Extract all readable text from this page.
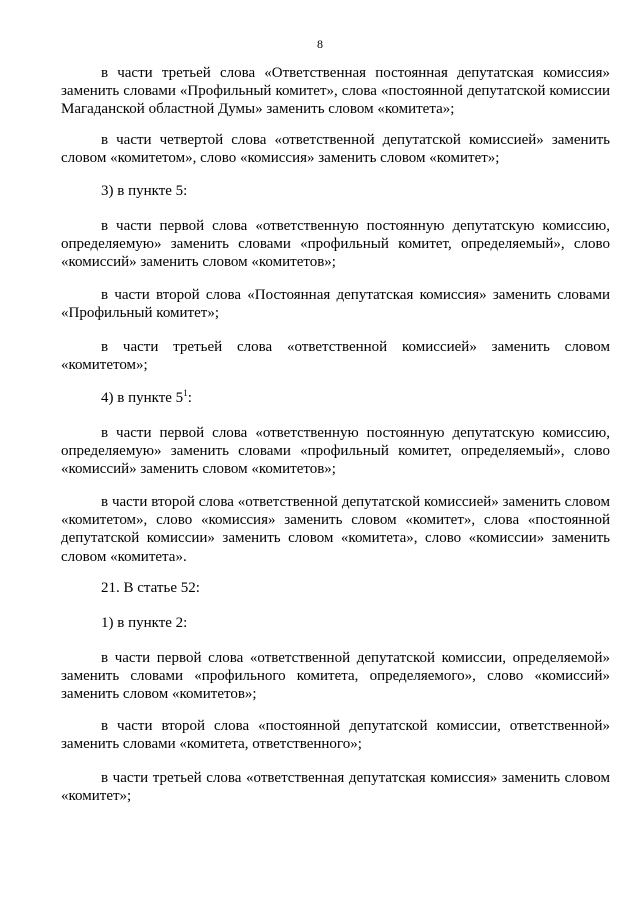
8

в части третьей слова «Ответственная постоянная депутатская комиссия» заменить словами «Профильный комитет», слова «постоянной депутатской комиссии Магаданской областной Думы» заменить словом «комитета»;

в части четвертой слова «ответственной депутатской комиссией» заменить словом «комитетом», слово «комиссия» заменить словом «комитет»;

3) в пункте 5:

в части первой слова «ответственную постоянную депутатскую комиссию, определяемую» заменить словами «профильный комитет, определяемый», слово «комиссий» заменить словом «комитетов»;

в части второй слова «Постоянная депутатская комиссия» заменить словами «Профильный комитет»;

в части третьей слова «ответственной комиссией» заменить словом «комитетом»;

4) в пункте $5^1$:

в части первой слова «ответственную постоянную депутатскую комиссию, определяемую» заменить словами «профильный комитет, определяемый», слово «комиссий» заменить словом «комитетов»;

в части второй слова «ответственной депутатской комиссией» заменить словом «комитетом», слово «комиссия» заменить словом «комитет», слова «постоянной депутатской комиссии» заменить словом «комитета», слово «комиссии» заменить словом «комитета».

21. В статье 52:

1) в пункте 2:

в части первой слова «ответственной депутатской комиссии, определяемой» заменить словами «профильного комитета, определяемого», слово «комиссий» заменить словом «комитетов»;

в части второй слова «постоянной депутатской комиссии, ответственной» заменить словами «комитета, ответственного»;

в части третьей слова «ответственная депутатская комиссия» заменить словом «комитет»;
